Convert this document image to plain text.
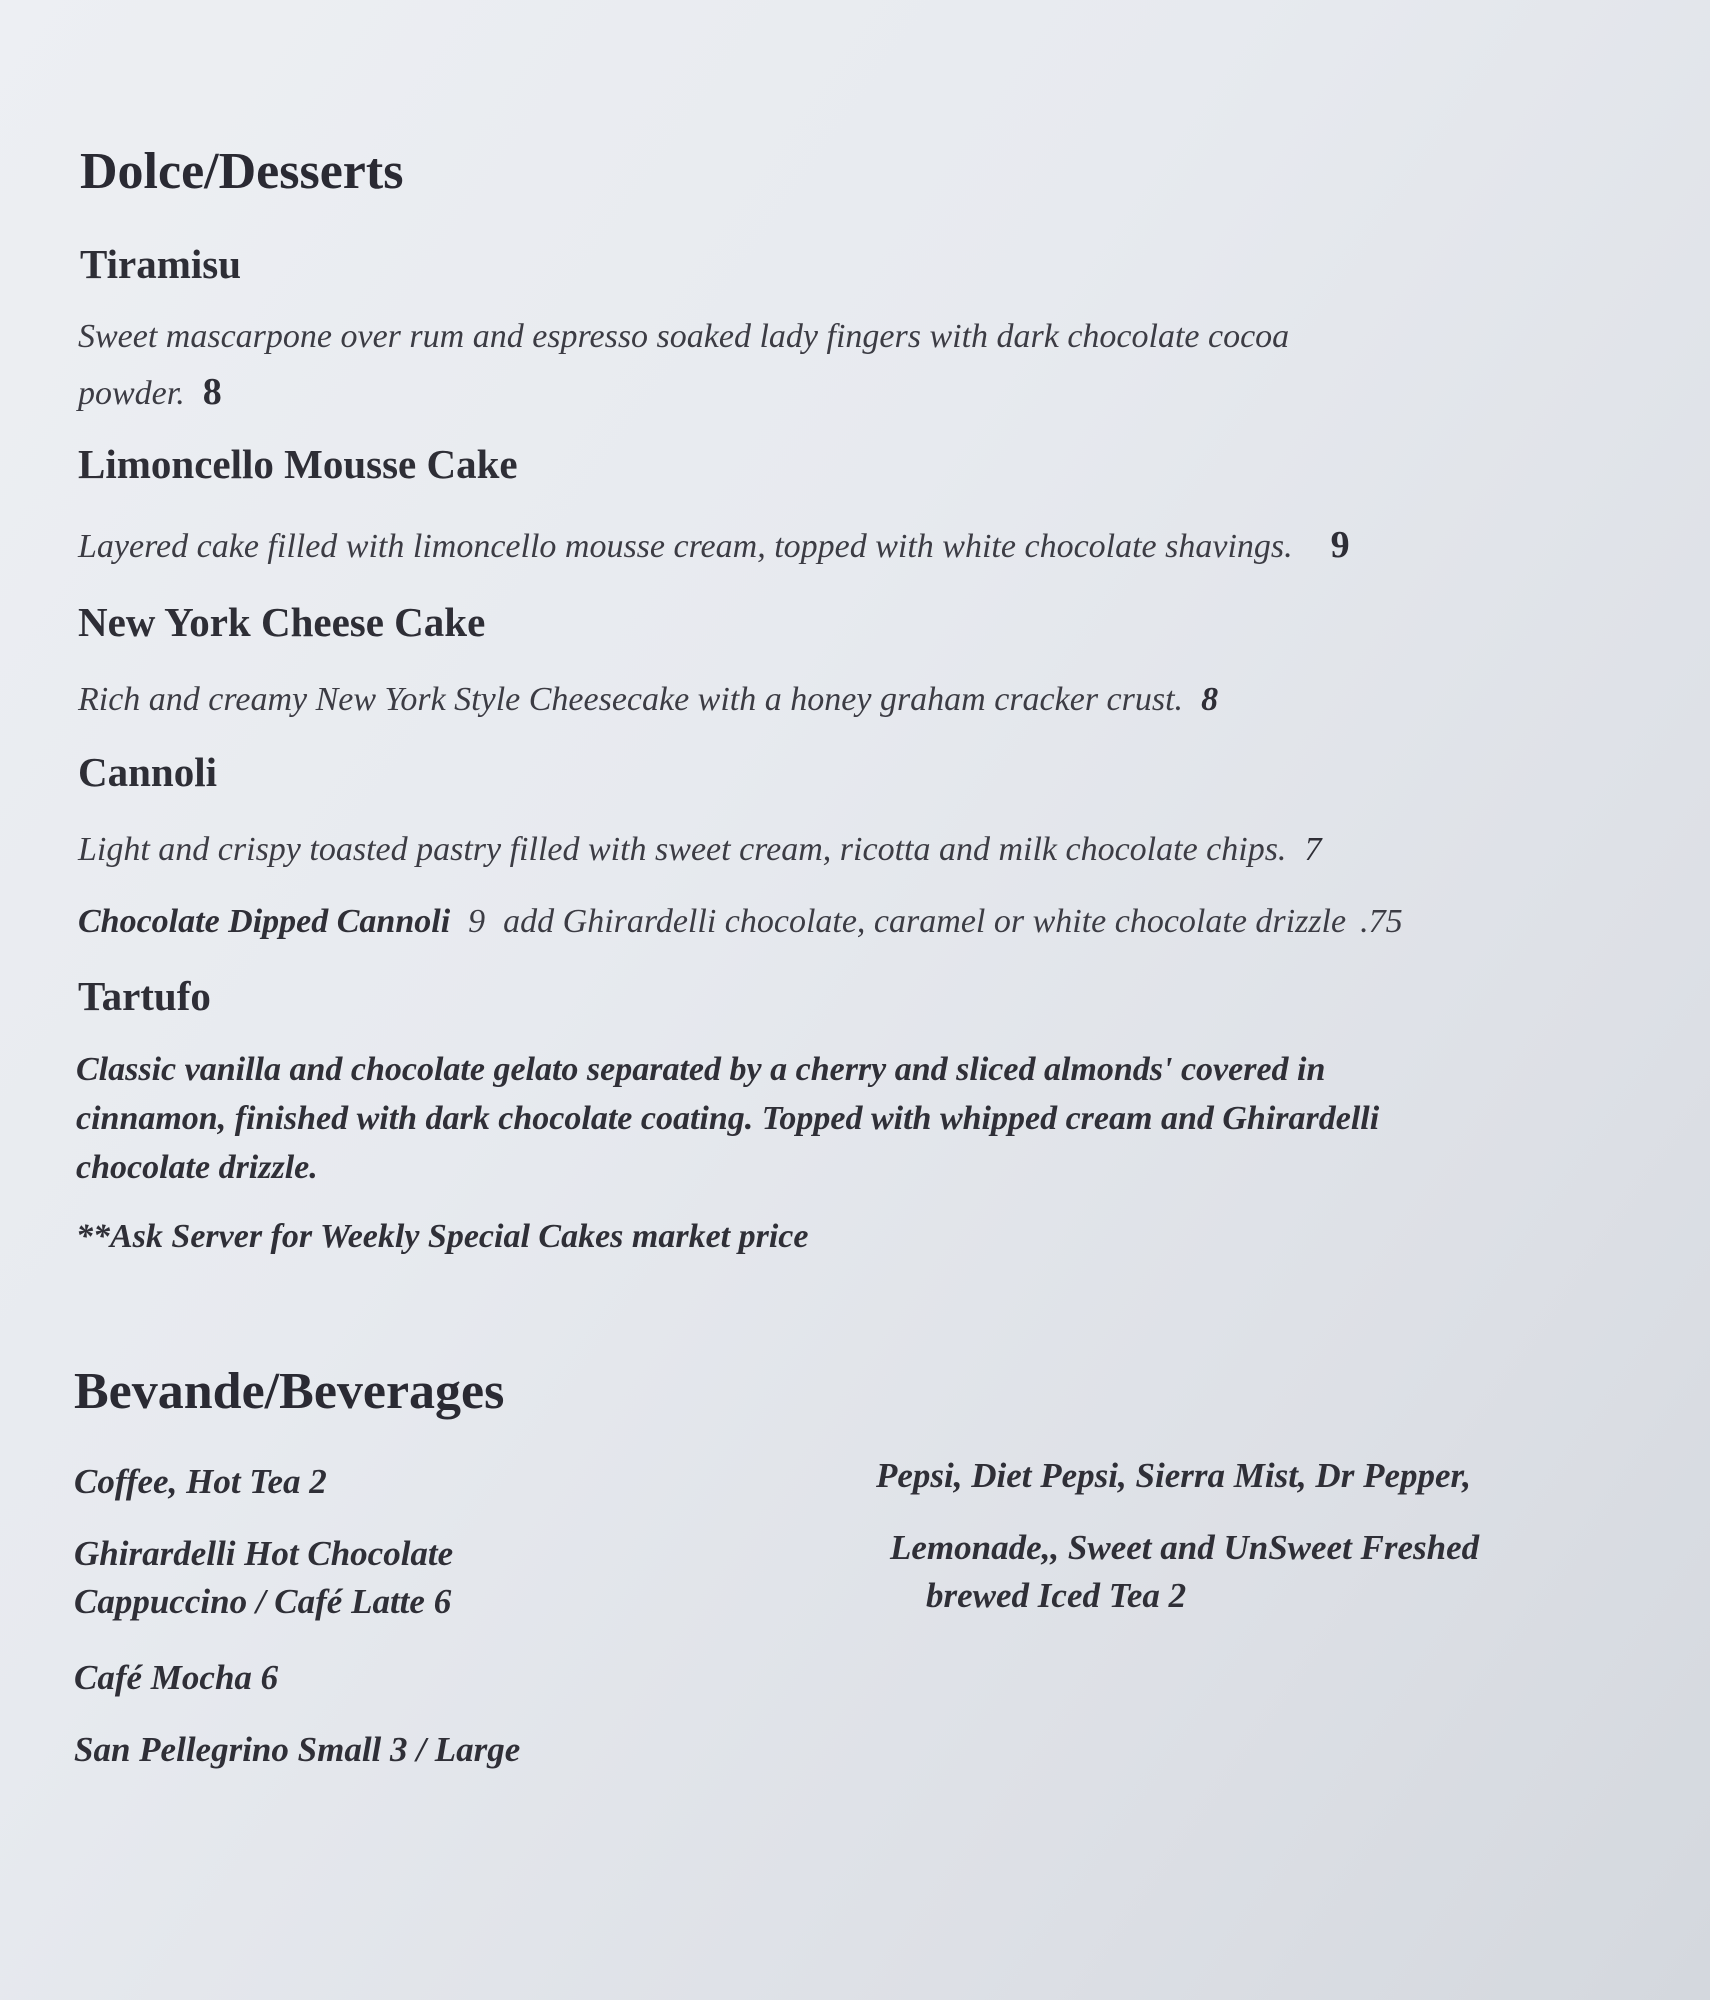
Dolce/Desserts
Tiramisu

Sweet mascarpone over rum and espresso soaked lady fingers with dark chocolate cocoa

powder. 8

Limoncello Mousse Cake

Layered cake filled with limoncello mousse cream, topped with white chocolate shavings. 9

New York Cheese Cake

Rich and creamy New York Style Cheesecake with a honey graham cracker crust. 8

Cannoli

Light and crispy toasted pastry filled with sweet cream, ricotta and milk chocolate chips. 7

Chocolate Dipped Cannoli 9 add Ghirardelli chocolate, caramel or white chocolate drizzle .75

Tartufo

Classic vanilla and chocolate gelato separated by a cherry and sliced almonds' covered in

cinnamon, finished with dark chocolate coating. Topped with whipped cream and Ghirardelli

chocolate drizzle.

**Ask Server for Weekly Special Cakes market price

Bevande/Beverages

Coffee, Hot Tea 2

Ghirardelli Hot Chocolate

Cappuccino / Café Latte 6

Café Mocha 6

San Pellegrino Small 3 / Large

Pepsi, Diet Pepsi, Sierra Mist, Dr Pepper,

Lemonade,, Sweet and UnSweet Freshed

brewed Iced Tea 2
